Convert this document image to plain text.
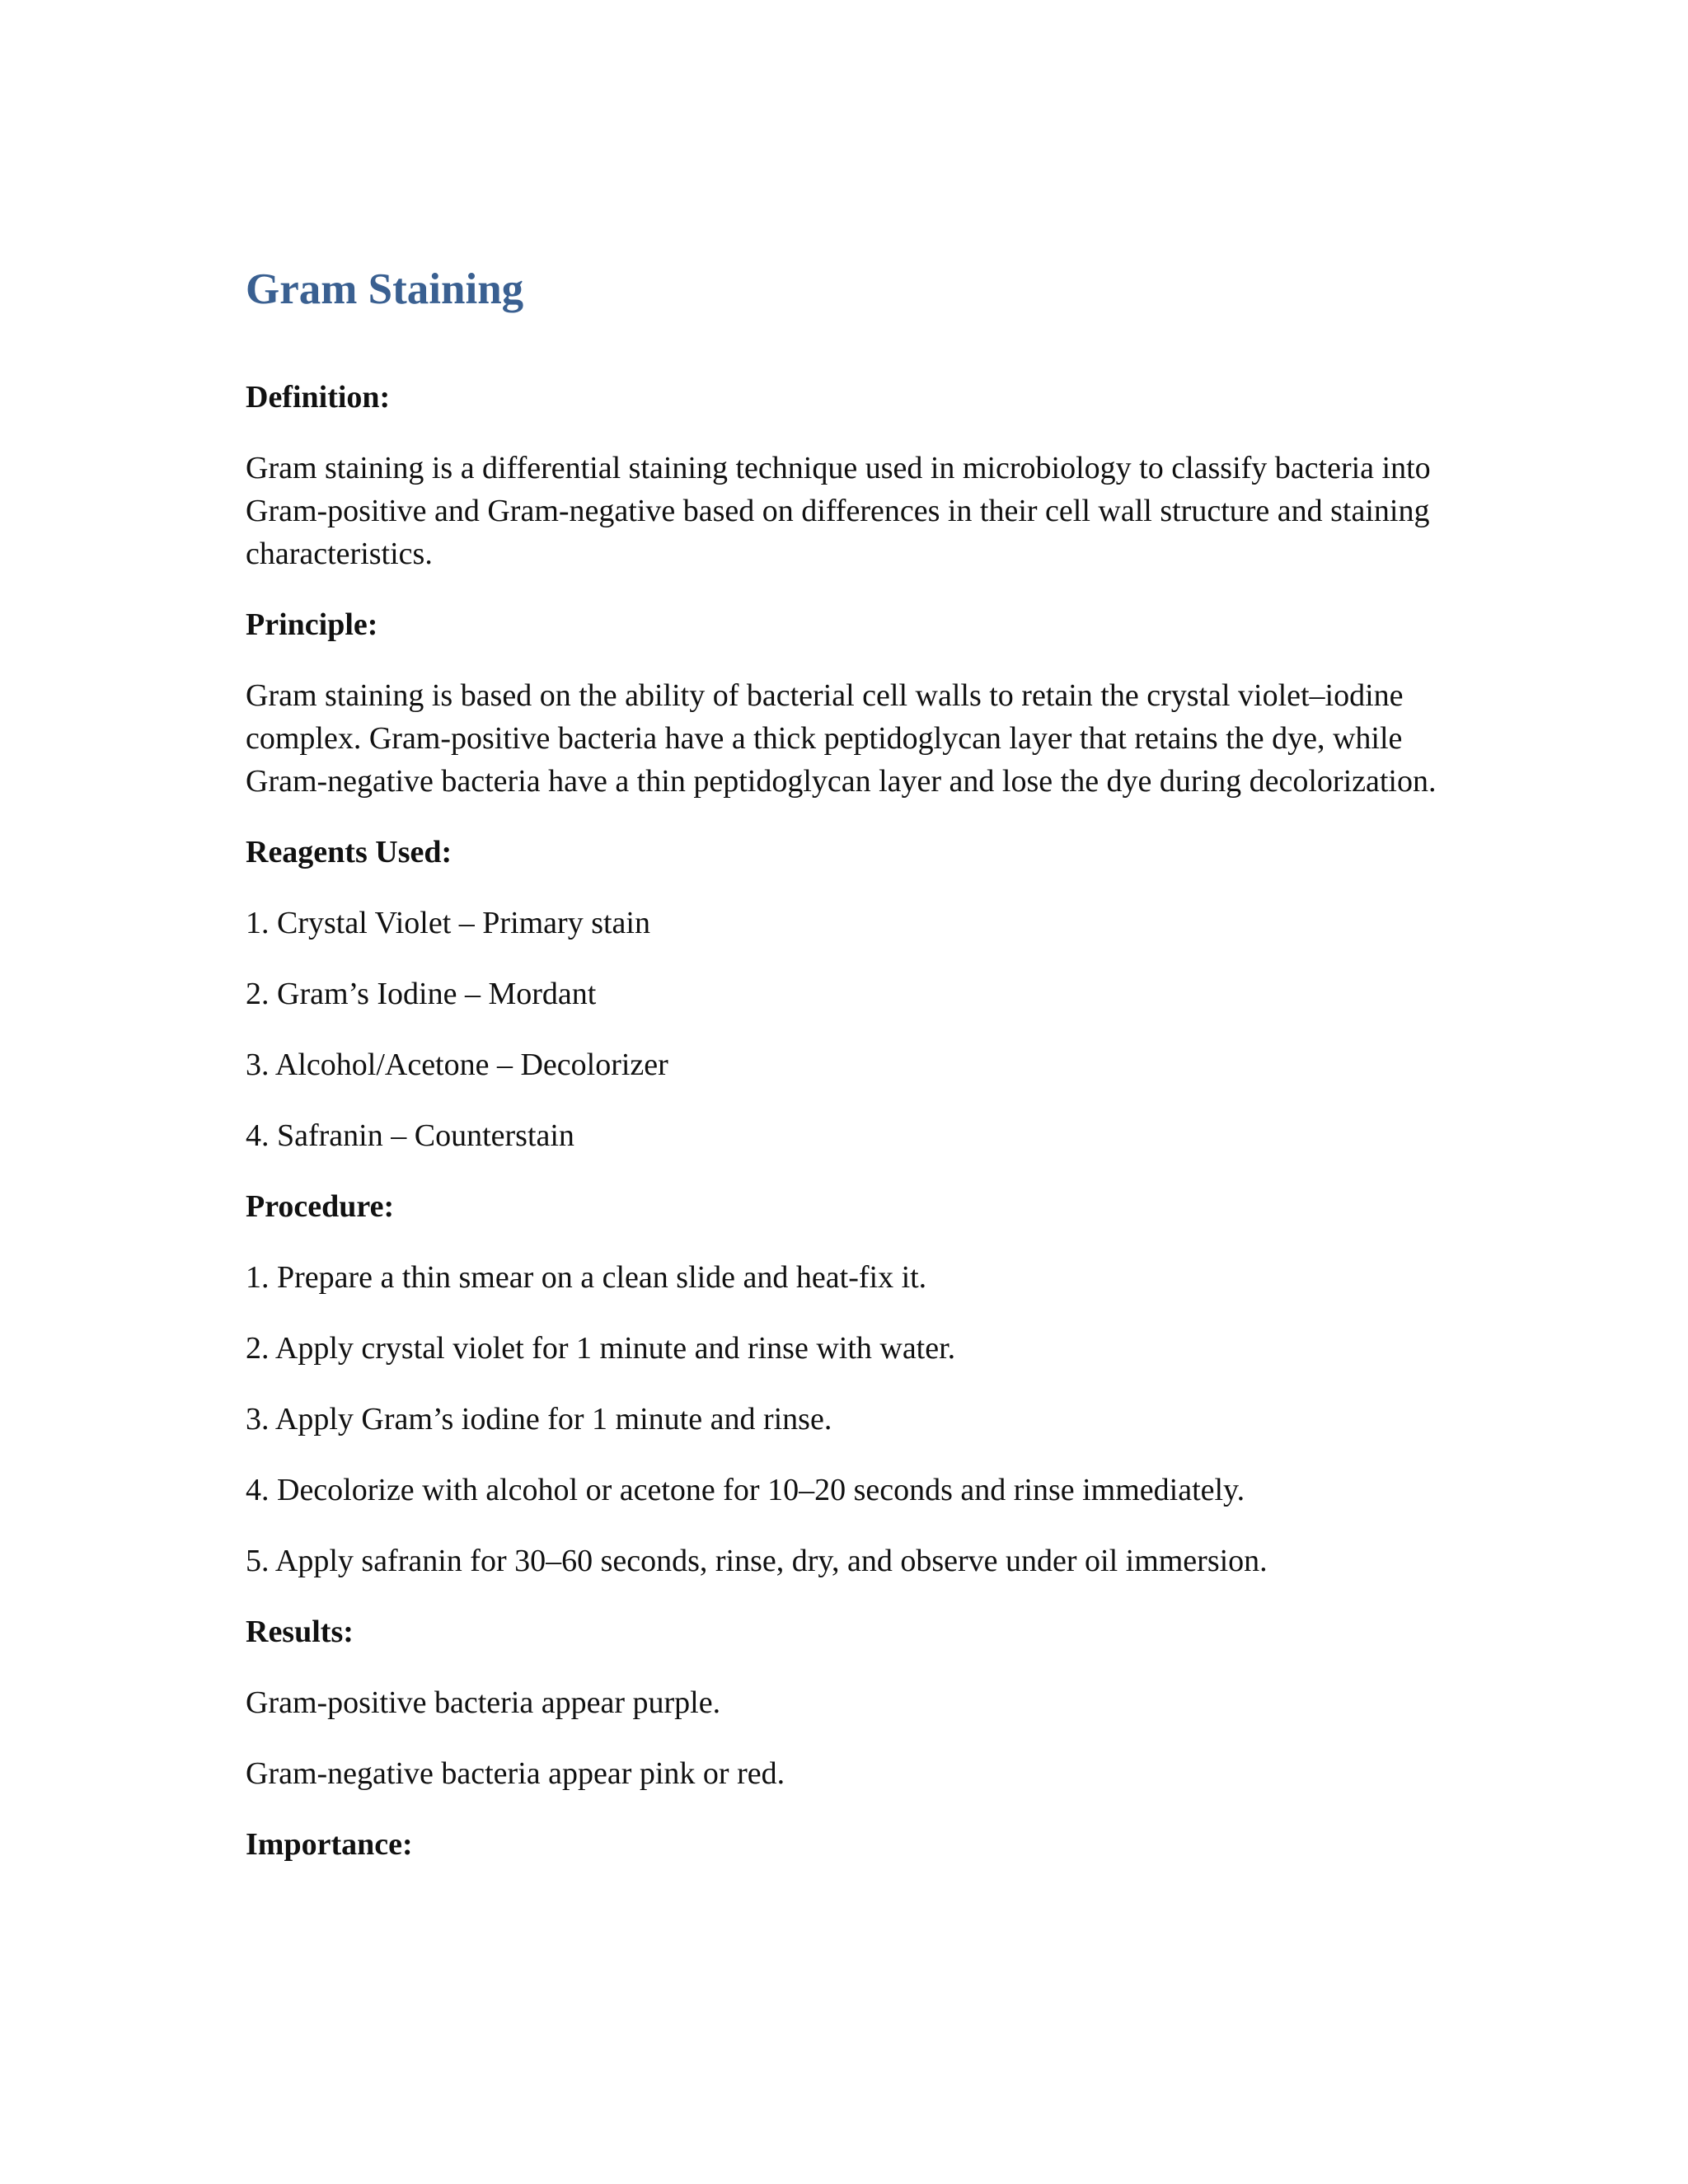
Gram Staining
Definition:

Gram staining is a differential staining technique used in microbiology to classify bacteria into Gram-positive and Gram-negative based on differences in their cell wall structure and staining characteristics.

Principle:

Gram staining is based on the ability of bacterial cell walls to retain the crystal violet–iodine complex. Gram-positive bacteria have a thick peptidoglycan layer that retains the dye, while Gram-negative bacteria have a thin peptidoglycan layer and lose the dye during decolorization.

Reagents Used:
1. Crystal Violet – Primary stain
2. Gram’s Iodine – Mordant
3. Alcohol/Acetone – Decolorizer
4. Safranin – Counterstain
Procedure:
1. Prepare a thin smear on a clean slide and heat-fix it.
2. Apply crystal violet for 1 minute and rinse with water.
3. Apply Gram’s iodine for 1 minute and rinse.
4. Decolorize with alcohol or acetone for 10–20 seconds and rinse immediately.
5. Apply safranin for 30–60 seconds, rinse, dry, and observe under oil immersion.
Results:

Gram-positive bacteria appear purple.

Gram-negative bacteria appear pink or red.

Importance:
